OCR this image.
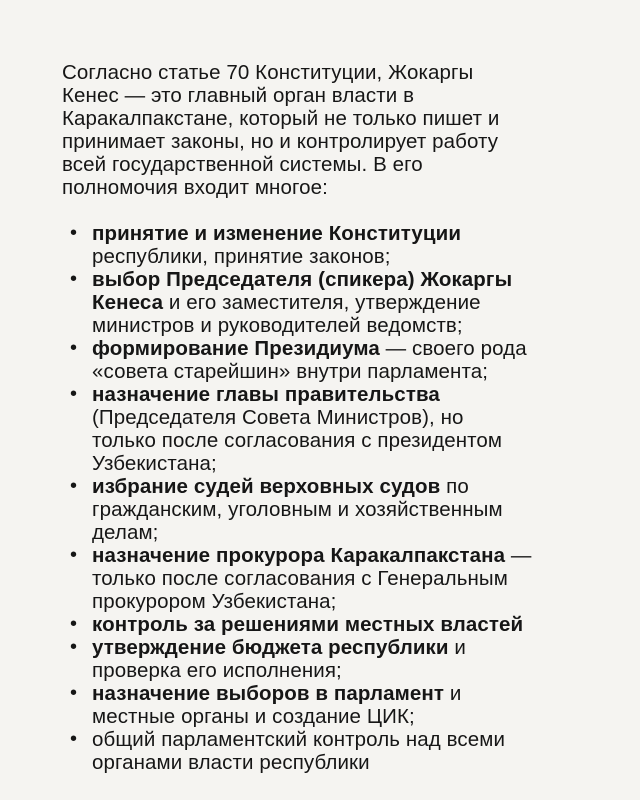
Согласно статье 70 Конституции, Жокаргы
Кенес — это главный орган власти в
Каракалпакстане, который не только пишет и
принимает законы, но и контролирует работу
всей государственной системы. В его
полномочия входит многое:

• принятие и изменение Конституции
республики, принятие законов;
• выбор Председателя (спикера) Жокаргы
Кенеса и его заместителя, утверждение
министров и руководителей ведомств;
• формирование Президиума — своего рода
«совета старейшин» внутри парламента;
• назначение главы правительства
(Председателя Совета Министров), но
только после согласования с президентом
Узбекистана;
• избрание судей верховных судов по
гражданским, уголовным и хозяйственным
делам;
• назначение прокурора Каракалпакстана —
только после согласования с Генеральным
прокурором Узбекистана;
• контроль за решениями местных властей
• утверждение бюджета республики и
проверка его исполнения;
• назначение выборов в парламент и
местные органы и создание ЦИК;
• общий парламентский контроль над всеми
органами власти республики
